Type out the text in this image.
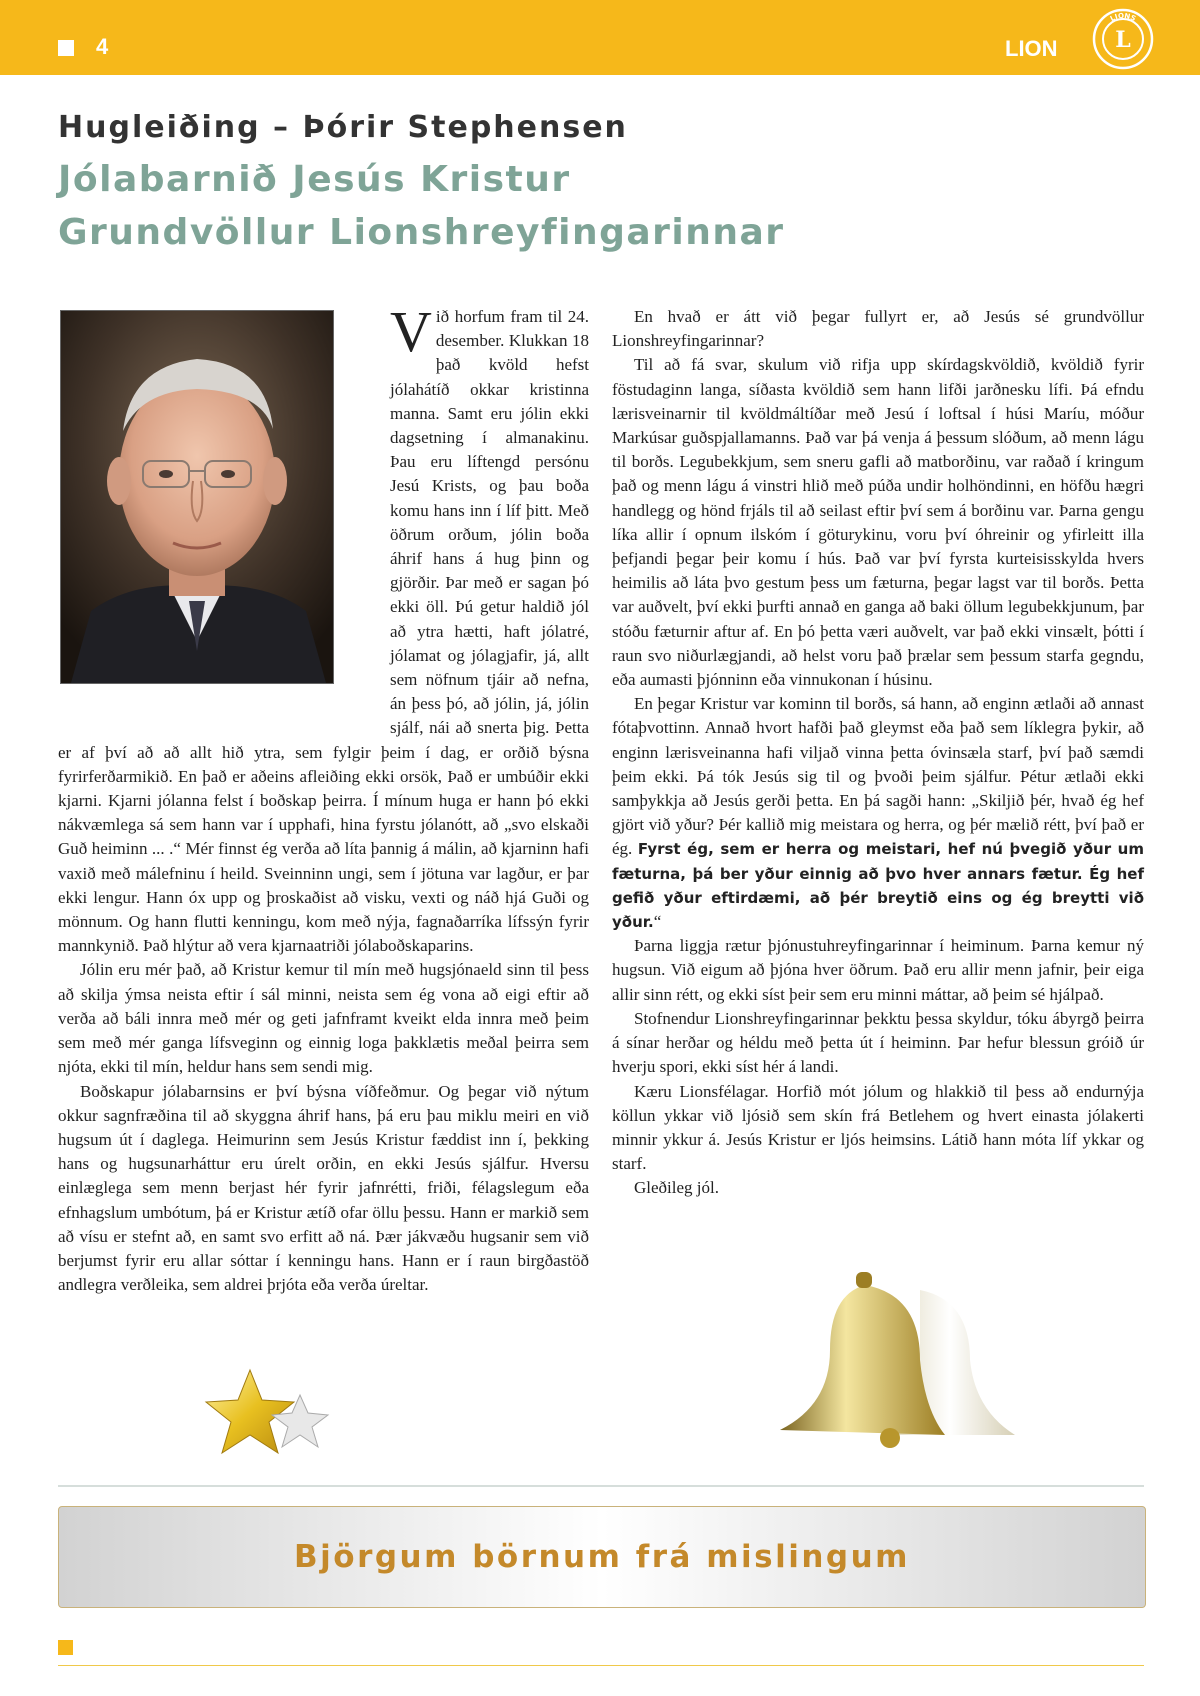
4	LION
LIONS
L
Hugleiðing – Þórir Stephensen
Jólabarnið Jesús Kristur
Grundvöllur Lionshreyfingarinnar

Við horfum fram til 24. desember. Klukkan 18 það kvöld hefst jólahátíð okkar kristinna manna. Samt eru jólin ekki dagsetning í almanakinu. Þau eru líftengd persónu Jesú Krists, og þau boða komu hans inn í líf þitt. Með öðrum orðum, jólin boða áhrif hans á hug þinn og gjörðir. Þar með er sagan þó ekki öll. Þú getur haldið jól að ytra hætti, haft jólatré, jólamat og jólagjafir, já, allt sem nöfnum tjáir að nefna, án þess þó, að jólin, já, jólin sjálf, nái að snerta þig. Þetta er af því að að allt hið ytra, sem fylgir þeim í dag, er orðið býsna fyrirferðarmikið. En það er aðeins afleiðing ekki orsök, Það er umbúðir ekki kjarni. Kjarni jólanna felst í boðskap þeirra. Í mínum huga er hann þó ekki nákvæmlega sá sem hann var í upphafi, hina fyrstu jólanótt, að „svo elskaði Guð heiminn ... .“ Mér finnst ég verða að líta þannig á málin, að kjarninn hafi vaxið með málefninu í heild. Sveinninn ungi, sem í jötuna var lagður, er þar ekki lengur. Hann óx upp og þroskaðist að visku, vexti og náð hjá Guði og mönnum. Og hann flutti kenningu, kom með nýja, fagnaðarríka lífssýn fyrir mannkynið. Það hlýtur að vera kjarnaatriði jólaboðskaparins.

Jólin eru mér það, að Kristur kemur til mín með hugsjónaeld sinn til þess að skilja ýmsa neista eftir í sál minni, neista sem ég vona að eigi eftir að verða að báli innra með mér og geti jafnframt kveikt elda innra með þeim sem með mér ganga lífsveginn og einnig loga þakklætis meðal þeirra sem njóta, ekki til mín, heldur hans sem sendi mig.

Boðskapur jólabarnsins er því býsna víðfeðmur. Og þegar við nýtum okkur sagnfræðina til að skyggna áhrif hans, þá eru þau miklu meiri en við hugsum út í daglega. Heimurinn sem Jesús Kristur fæddist inn í, þekking hans og hugsunarháttur eru úrelt orðin, en ekki Jesús sjálfur. Hversu einlæglega sem menn berjast hér fyrir jafnrétti, friði, félagslegum eða efnhagslum umbótum, þá er Kristur ætíð ofar öllu þessu. Hann er markið sem að vísu er stefnt að, en samt svo erfitt að ná. Þær jákvæðu hugsanir sem við berjumst fyrir eru allar sóttar í kenningu hans. Hann er í raun birgðastöð andlegra verðleika, sem aldrei þrjóta eða verða úreltar.

En hvað er átt við þegar fullyrt er, að Jesús sé grundvöllur Lionshreyfingarinnar?

Til að fá svar, skulum við rifja upp skírdagskvöldið, kvöldið fyrir föstudaginn langa, síðasta kvöldið sem hann lifði jarðnesku lífi. Þá efndu lærisveinarnir til kvöldmáltíðar með Jesú í loftsal í húsi Maríu, móður Markúsar guðspjallamanns. Það var þá venja á þessum slóðum, að menn lágu til borðs. Legubekkjum, sem sneru gafli að matborðinu, var raðað í kringum það og menn lágu á vinstri hlið með púða undir holhöndinni, en höfðu hægri handlegg og hönd frjáls til að seilast eftir því sem á borðinu var. Þarna gengu líka allir í opnum ilskóm í göturykinu, voru því óhreinir og yfirleitt illa þefjandi þegar þeir komu í hús. Það var því fyrsta kurteisisskylda hvers heimilis að láta þvo gestum þess um fæturna, þegar lagst var til borðs. Þetta var auðvelt, því ekki þurfti annað en ganga að baki öllum legubekkjunum, þar stóðu fæturnir aftur af. En þó þetta væri auðvelt, var það ekki vinsælt, þótti í raun svo niðurlægjandi, að helst voru það þrælar sem þessum starfa gegndu, eða aumasti þjónninn eða vinnukonan í húsinu.

En þegar Kristur var kominn til borðs, sá hann, að enginn ætlaði að annast fótaþvottinn. Annað hvort hafði það gleymst eða það sem líklegra þykir, að enginn lærisveinanna hafi viljað vinna þetta óvinsæla starf, því það sæmdi þeim ekki. Þá tók Jesús sig til og þvoði þeim sjálfur. Pétur ætlaði ekki samþykkja að Jesús gerði þetta. En þá sagði hann: „Skiljið þér, hvað ég hef gjört við yður? Þér kallið mig meistara og herra, og þér mælið rétt, því það er ég. Fyrst ég, sem er herra og meistari, hef nú þvegið yður um fæturna, þá ber yður einnig að þvo hver annars fætur. Ég hef gefið yður eftirdæmi, að þér breytið eins og ég breytti við yður.“

Þarna liggja rætur þjónustuhreyfingarinnar í heiminum. Þarna kemur ný hugsun. Við eigum að þjóna hver öðrum. Það eru allir menn jafnir, þeir eiga allir sinn rétt, og ekki síst þeir sem eru minni máttar, að þeim sé hjálpað.

Stofnendur Lionshreyfingarinnar þekktu þessa skyldur, tóku ábyrgð þeirra á sínar herðar og héldu með þetta út í heiminn. Þar hefur blessun gróið úr hverju spori, ekki síst hér á landi.

Kæru Lionsfélagar. Horfið mót jólum og hlakkið til þess að endurnýja köllun ykkar við ljósið sem skín frá Betlehem og hvert einasta jólakerti minnir ykkur á. Jesús Kristur er ljós heimsins. Látið hann móta líf ykkar og starf.

Gleðileg jól.

Björgum börnum frá mislingum
